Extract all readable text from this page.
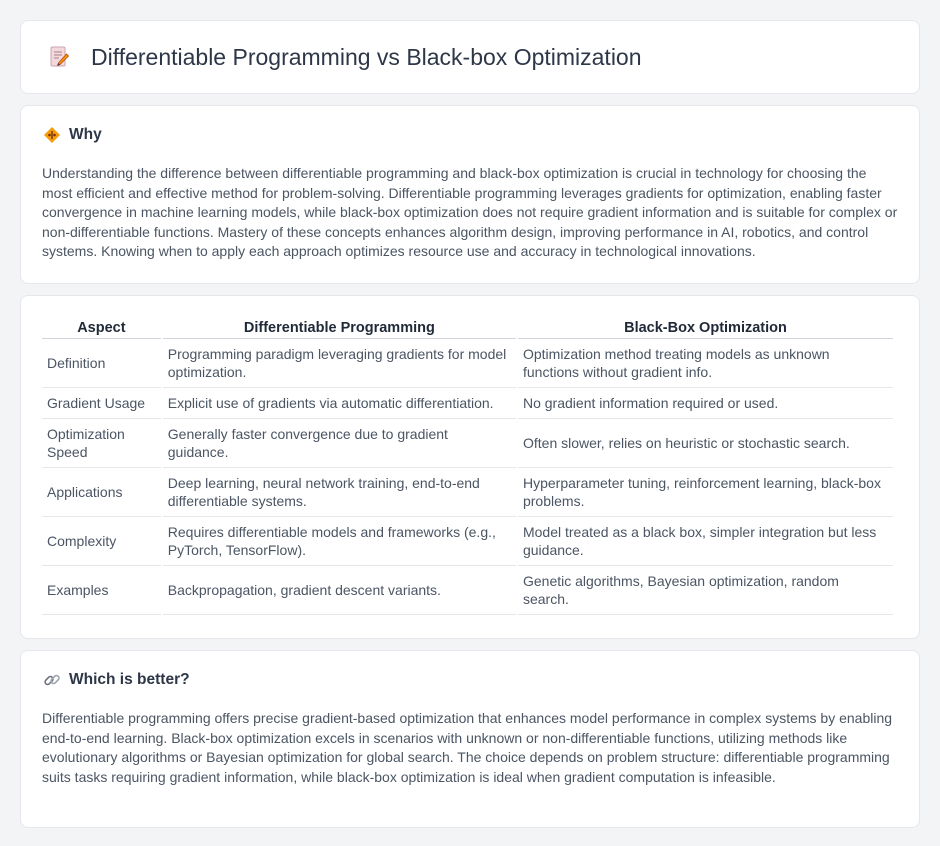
Differentiable Programming vs Black-box Optimization
Why

Understanding the difference between differentiable programming and black-box optimization is crucial in technology for choosing the most efficient and effective method for problem-solving. Differentiable programming leverages gradients for optimization, enabling faster convergence in machine learning models, while black-box optimization does not require gradient information and is suitable for complex or non-differentiable functions. Mastery of these concepts enhances algorithm design, improving performance in AI, robotics, and control systems. Knowing when to apply each approach optimizes resource use and accuracy in technological innovations.

Aspect	Differentiable Programming	Black-Box Optimization
Definition	Programming paradigm leveraging gradients for model optimization.	Optimization method treating models as unknown functions without gradient info.
Gradient Usage	Explicit use of gradients via automatic differentiation.	No gradient information required or used.
Optimization Speed	Generally faster convergence due to gradient guidance.	Often slower, relies on heuristic or stochastic search.
Applications	Deep learning, neural network training, end-to-end differentiable systems.	Hyperparameter tuning, reinforcement learning, black-box problems.
Complexity	Requires differentiable models and frameworks (e.g., PyTorch, TensorFlow).	Model treated as a black box, simpler integration but less guidance.
Examples	Backpropagation, gradient descent variants.	Genetic algorithms, Bayesian optimization, random search.
Which is better?

Differentiable programming offers precise gradient-based optimization that enhances model performance in complex systems by enabling end-to-end learning. Black-box optimization excels in scenarios with unknown or non-differentiable functions, utilizing methods like evolutionary algorithms or Bayesian optimization for global search. The choice depends on problem structure: differentiable programming suits tasks requiring gradient information, while black-box optimization is ideal when gradient computation is infeasible.
